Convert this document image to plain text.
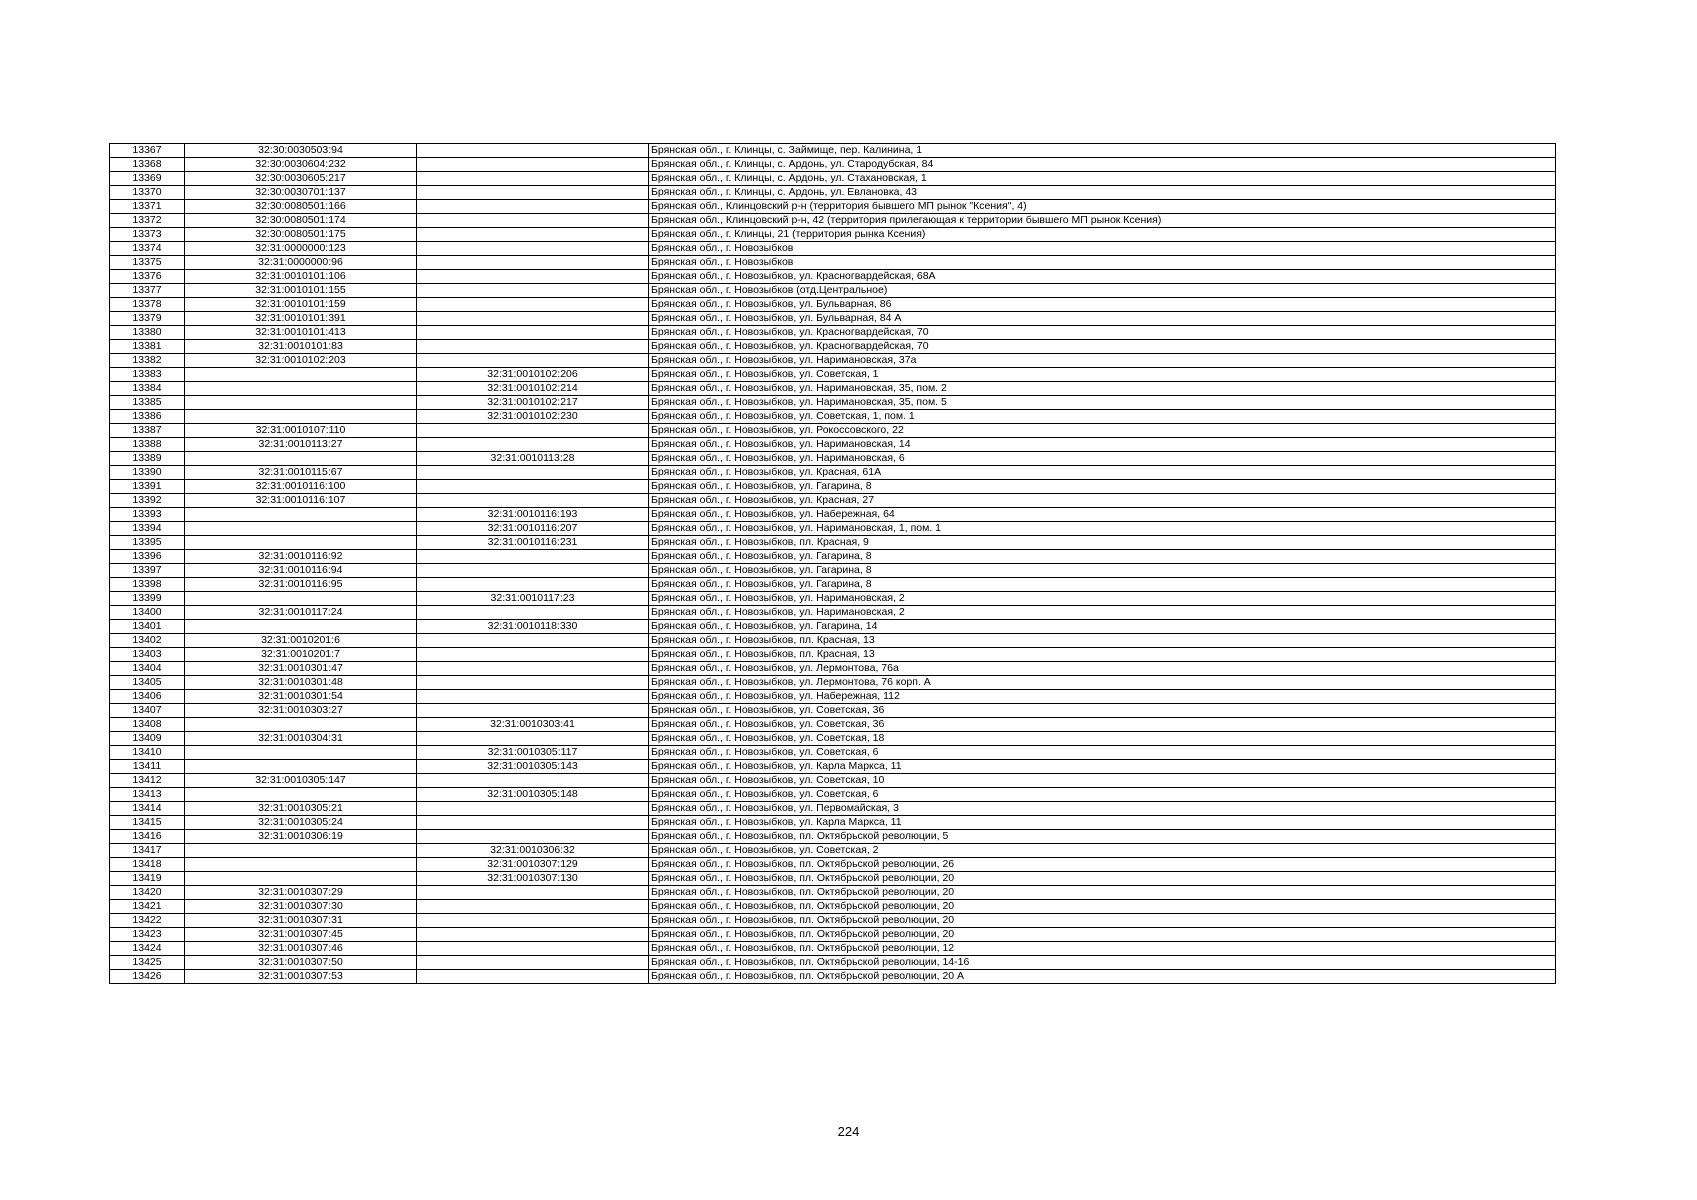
13367	32:30:0030503:94		Брянская обл., г. Клинцы, с. Займище, пер. Калинина, 1
13368	32:30:0030604:232		Брянская обл., г. Клинцы, с. Ардонь, ул. Стародубская, 84
13369	32:30:0030605:217		Брянская обл., г. Клинцы, с. Ардонь, ул. Стахановская, 1
13370	32:30:0030701:137		Брянская обл., г. Клинцы, с. Ардонь, ул. Евлановка, 43
13371	32:30:0080501:166		Брянская обл., Клинцовский р-н (территория бывшего МП рынок "Ксения", 4)
13372	32:30:0080501:174		Брянская обл., Клинцовский р-н, 42 (территория прилегающая к территории бывшего МП рынок Ксения)
13373	32:30:0080501:175		Брянская обл., г. Клинцы, 21 (территория рынка Ксения)
13374	32:31:0000000:123		Брянская обл., г. Новозыбков
13375	32:31:0000000:96		Брянская обл., г. Новозыбков
13376	32:31:0010101:106		Брянская обл., г. Новозыбков, ул. Красногвардейская, 68А
13377	32:31:0010101:155		Брянская обл., г. Новозыбков (отд.Центральное)
13378	32:31:0010101:159		Брянская обл., г. Новозыбков, ул. Бульварная, 86
13379	32:31:0010101:391		Брянская обл., г. Новозыбков, ул. Бульварная, 84 А
13380	32:31:0010101:413		Брянская обл., г. Новозыбков, ул. Красногвардейская, 70
13381	32:31:0010101:83		Брянская обл., г. Новозыбков, ул. Красногвардейская, 70
13382	32:31:0010102:203		Брянская обл., г. Новозыбков, ул. Наримановская, 37а
13383		32:31:0010102:206	Брянская обл., г. Новозыбков, ул. Советская, 1
13384		32:31:0010102:214	Брянская обл., г. Новозыбков, ул. Наримановская, 35, пом. 2
13385		32:31:0010102:217	Брянская обл., г. Новозыбков, ул. Наримановская, 35, пом. 5
13386		32:31:0010102:230	Брянская обл., г. Новозыбков, ул. Советская, 1, пом. 1
13387	32:31:0010107:110		Брянская обл., г. Новозыбков, ул. Рокоссовского, 22
13388	32:31:0010113:27		Брянская обл., г. Новозыбков, ул. Наримановская, 14
13389		32:31:0010113:28	Брянская обл., г. Новозыбков, ул. Наримановская, 6
13390	32:31:0010115:67		Брянская обл., г. Новозыбков, ул. Красная, 61А
13391	32:31:0010116:100		Брянская обл., г. Новозыбков, ул. Гагарина, 8
13392	32:31:0010116:107		Брянская обл., г. Новозыбков, ул. Красная, 27
13393		32:31:0010116:193	Брянская обл., г. Новозыбков, ул. Набережная, 64
13394		32:31:0010116:207	Брянская обл., г. Новозыбков, ул. Наримановская, 1, пом. 1
13395		32:31:0010116:231	Брянская обл., г. Новозыбков, пл. Красная, 9
13396	32:31:0010116:92		Брянская обл., г. Новозыбков, ул. Гагарина, 8
13397	32:31:0010116:94		Брянская обл., г. Новозыбков, ул. Гагарина, 8
13398	32:31:0010116:95		Брянская обл., г. Новозыбков, ул. Гагарина, 8
13399		32:31:0010117:23	Брянская обл., г. Новозыбков, ул. Наримановская, 2
13400	32:31:0010117:24		Брянская обл., г. Новозыбков, ул. Наримановская, 2
13401		32:31:0010118:330	Брянская обл., г. Новозыбков, ул. Гагарина, 14
13402	32:31:0010201:6		Брянская обл., г. Новозыбков, пл. Красная, 13
13403	32:31:0010201:7		Брянская обл., г. Новозыбков, пл. Красная, 13
13404	32:31:0010301:47		Брянская обл., г. Новозыбков, ул. Лермонтова, 76а
13405	32:31:0010301:48		Брянская обл., г. Новозыбков, ул. Лермонтова, 76 корп. А
13406	32:31:0010301:54		Брянская обл., г. Новозыбков, ул. Набережная, 112
13407	32:31:0010303:27		Брянская обл., г. Новозыбков, ул. Советская, 36
13408		32:31:0010303:41	Брянская обл., г. Новозыбков, ул. Советская, 36
13409	32:31:0010304:31		Брянская обл., г. Новозыбков, ул. Советская, 18
13410		32:31:0010305:117	Брянская обл., г. Новозыбков, ул. Советская, 6
13411		32:31:0010305:143	Брянская обл., г. Новозыбков, ул. Карла Маркса, 11
13412	32:31:0010305:147		Брянская обл., г. Новозыбков, ул. Советская, 10
13413		32:31:0010305:148	Брянская обл., г. Новозыбков, ул. Советская, 6
13414	32:31:0010305:21		Брянская обл., г. Новозыбков, ул. Первомайская, 3
13415	32:31:0010305:24		Брянская обл., г. Новозыбков, ул. Карла Маркса, 11
13416	32:31:0010306:19		Брянская обл., г. Новозыбков, пл. Октябрьской революции, 5
13417		32:31:0010306:32	Брянская обл., г. Новозыбков, ул. Советская, 2
13418		32:31:0010307:129	Брянская обл., г. Новозыбков, пл. Октябрьской революции, 26
13419		32:31:0010307:130	Брянская обл., г. Новозыбков, пл. Октябрьской революции, 20
13420	32:31:0010307:29		Брянская обл., г. Новозыбков, пл. Октябрьской революции, 20
13421	32:31:0010307:30		Брянская обл., г. Новозыбков, пл. Октябрьской революции, 20
13422	32:31:0010307:31		Брянская обл., г. Новозыбков, пл. Октябрьской революции, 20
13423	32:31:0010307:45		Брянская обл., г. Новозыбков, пл. Октябрьской революции, 20
13424	32:31:0010307:46		Брянская обл., г. Новозыбков, пл. Октябрьской революции, 12
13425	32:31:0010307:50		Брянская обл., г. Новозыбков, пл. Октябрьской революции, 14-16
13426	32:31:0010307:53		Брянская обл., г. Новозыбков, пл. Октябрьской революции, 20 А
224
